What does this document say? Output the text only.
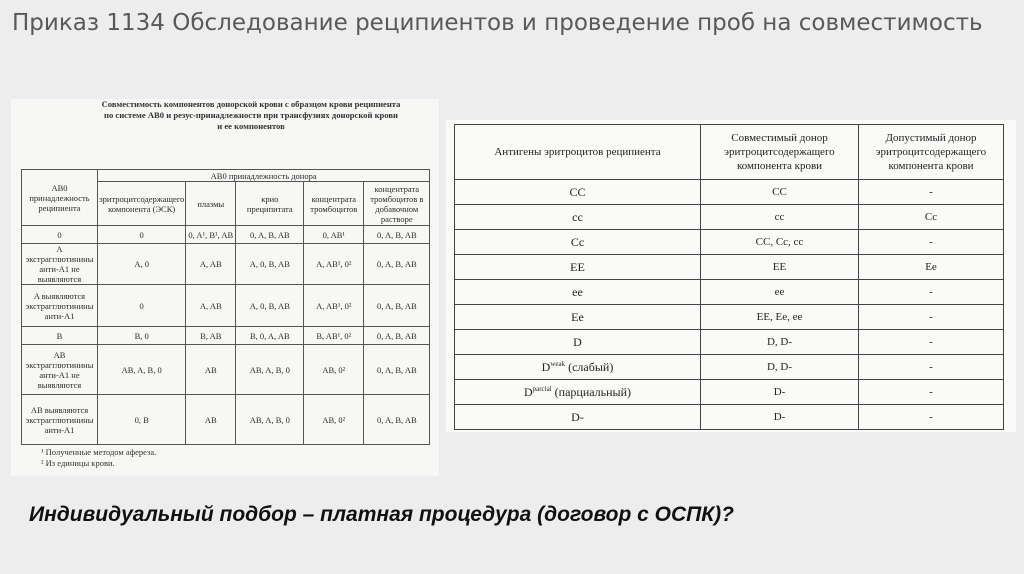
Приказ 1134 Обследование реципиентов и проведение проб на совместимость
Совместимость компонентов донорской крови с образцом крови реципиента по системе AB0 и резус-принадлежности при трансфузиях донорской крови и ее компонентов
AB0 принадлежность реципиента	AB0 принадлежность донора				
	эритроцитсодержащего компонента (ЭСК)	плазмы	крио преципитата	концентрата тромбоцитов	концентрата тромбоцитов в добавочном растворе
0	0	0, A¹, B¹, AB	0, A, B, AB	0, AB¹	0, A, B, AB
A экстрагглютинины анти-A1 не выявляются	A, 0	A, AB	A, 0, B, AB	A, AB¹, 0²	0, A, B, AB
A выявляются экстрагглютинины анти-A1	0	A, AB	A, 0, B, AB	A, AB¹, 0²	0, A, B, AB
B	B, 0	B, AB	B, 0, A, AB	B, AB¹, 0²	0, A, B, AB
AB экстрагглютинины анти-A1 не выявляются	AB, A, B, 0	AB	AB, A, B, 0	AB, 0²	0, A, B, AB
AB выявляются экстрагглютинины анти-A1	0, B	AB	AB, A, B, 0	AB, 0²	0, A, B, AB
¹ Полученные методом афереза.
² Из единицы крови.
Антигены эритроцитов реципиента	Совместимый донор эритроцитсодержащего компонента крови	Допустимый донор эритроцитсодержащего компонента крови
CC	CC	-
cc	cc	Cc
Cc	CC, Cc, cc	-
EE	EE	Ee
ee	ee	-
Ee	EE, Ee, ee	-
D	D, D-	-
$D^{weak}$ (слабый)	D, D-	-
$D^{parcial}$ (парциальный)	D-	-
D-	D-	-
Индивидуальный подбор – платная процедура (договор с ОСПК)?
